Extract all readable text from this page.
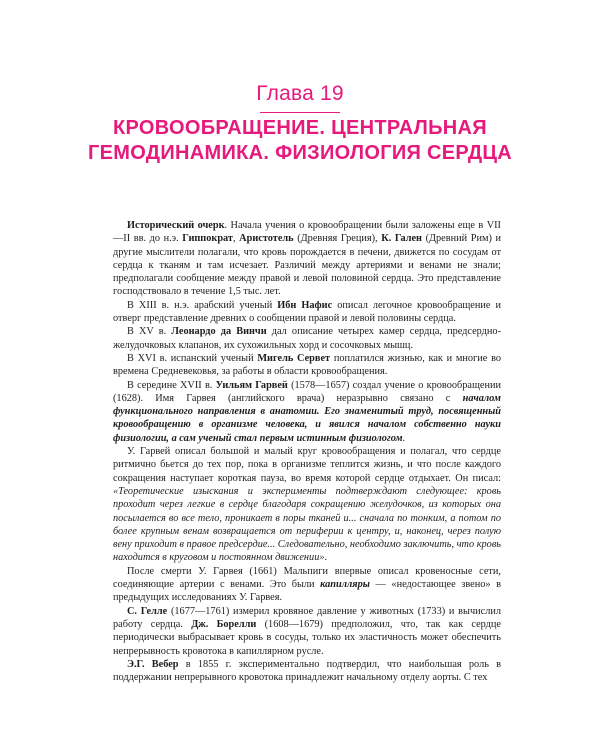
Глава 19
КРОВООБРАЩЕНИЕ. ЦЕНТРАЛЬНАЯ
ГЕМОДИНАМИКА. ФИЗИОЛОГИЯ СЕРДЦА

Исторический очерк. Начала учения о кровообращении были заложены еще в VII—II вв. до н.э. Гиппократ, Аристотель (Древняя Греция), К. Гален (Древний Рим) и другие мыслители полагали, что кровь порождается в печени, движется по сосудам от сердца к тканям и там исчезает. Различий между артериями и венами не знали; предполагали сообщение между правой и левой половиной сердца. Это представление господствовало в течение 1,5 тыс. лет.

В XIII в. н.э. арабский ученый Ибн Нафис описал легочное кровообращение и отверг представление древних о сообщении правой и левой половины сердца.

В XV в. Леонардо да Винчи дал описание четырех камер сердца, предсердно-желудочковых клапанов, их сухожильных хорд и сосочковых мышц.

В XVI в. испанский ученый Мигель Сервет поплатился жизнью, как и многие во времена Средневековья, за работы в области кровообращения.

В середине XVII в. Уильям Гарвей (1578—1657) создал учение о кровообращении (1628). Имя Гарвея (английского врача) неразрывно связано с началом функционального направления в анатомии. Его знаменитый труд, посвященный кровообращению в организме человека, и явился началом собственно науки физиологии, а сам ученый стал первым истинным физиологом.

У. Гарвей описал большой и малый круг кровообращения и полагал, что сердце ритмично бьется до тех пор, пока в организме теплится жизнь, и что после каждого сокращения наступает короткая пауза, во время которой сердце отдыхает. Он писал: «Теоретические изыскания и эксперименты подтверждают следующее: кровь проходит через легкие в сердце благодаря сокращению желудочков, из которых она посылается во все тело, проникает в поры тканей и... сначала по тонким, а потом по более крупным венам возвращается от периферии к центру, и, наконец, через полую вену приходит в правое предсердие... Следовательно, необходимо заключить, что кровь находится в круговом и постоянном движении».

После смерти У. Гарвея (1661) Мальпиги впервые описал кровеносные сети, соединяющие артерии с венами. Это были капилляры — «недостающее звено» в предыдущих исследованиях У. Гарвея.

С. Гелле (1677—1761) измерил кровяное давление у животных (1733) и вычислил работу сердца. Дж. Борелли (1608—1679) предположил, что, так как сердце периодически выбрасывает кровь в сосуды, только их эластичность может обеспечить непрерывность кровотока в капиллярном русле.

Э.Г. Вебер в 1855 г. экспериментально подтвердил, что наибольшая роль в поддержании непрерывного кровотока принадлежит начальному отделу аорты. С тех
